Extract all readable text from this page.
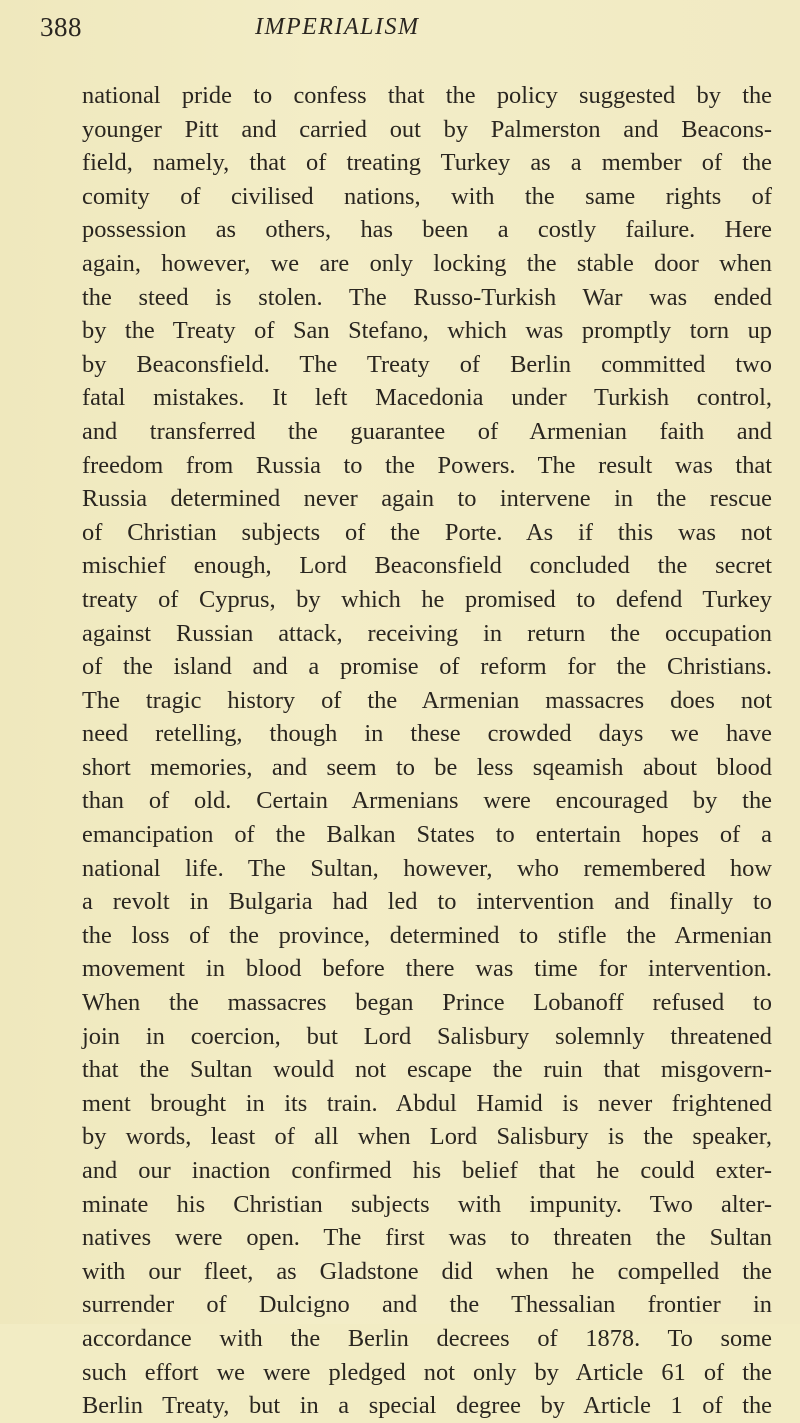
388	IMPERIALISM
national pride to confess that the policy suggested by the
younger Pitt and carried out by Palmerston and Beacons-
field, namely, that of treating Turkey as a member of the
comity of civilised nations, with the same rights of
possession as others, has been a costly failure. Here
again, however, we are only locking the stable door when
the steed is stolen. The Russo-Turkish War was ended
by the Treaty of San Stefano, which was promptly torn up
by Beaconsfield. The Treaty of Berlin committed two
fatal mistakes. It left Macedonia under Turkish control,
and transferred the guarantee of Armenian faith and
freedom from Russia to the Powers. The result was that
Russia determined never again to intervene in the rescue
of Christian subjects of the Porte. As if this was not
mischief enough, Lord Beaconsfield concluded the secret
treaty of Cyprus, by which he promised to defend Turkey
against Russian attack, receiving in return the occupation
of the island and a promise of reform for the Christians.
The tragic history of the Armenian massacres does not
need retelling, though in these crowded days we have
short memories, and seem to be less sqeamish about blood
than of old. Certain Armenians were encouraged by the
emancipation of the Balkan States to entertain hopes of a
national life. The Sultan, however, who remembered how
a revolt in Bulgaria had led to intervention and finally to
the loss of the province, determined to stifle the Armenian
movement in blood before there was time for intervention.
When the massacres began Prince Lobanoff refused to
join in coercion, but Lord Salisbury solemnly threatened
that the Sultan would not escape the ruin that misgovern-
ment brought in its train. Abdul Hamid is never frightened
by words, least of all when Lord Salisbury is the speaker,
and our inaction confirmed his belief that he could exter-
minate his Christian subjects with impunity. Two alter-
natives were open. The first was to threaten the Sultan
with our fleet, as Gladstone did when he compelled the
surrender of Dulcigno and the Thessalian frontier in
accordance with the Berlin decrees of 1878. To some
such effort we were pledged not only by Article 61 of the
Berlin Treaty, but in a special degree by Article 1 of the
